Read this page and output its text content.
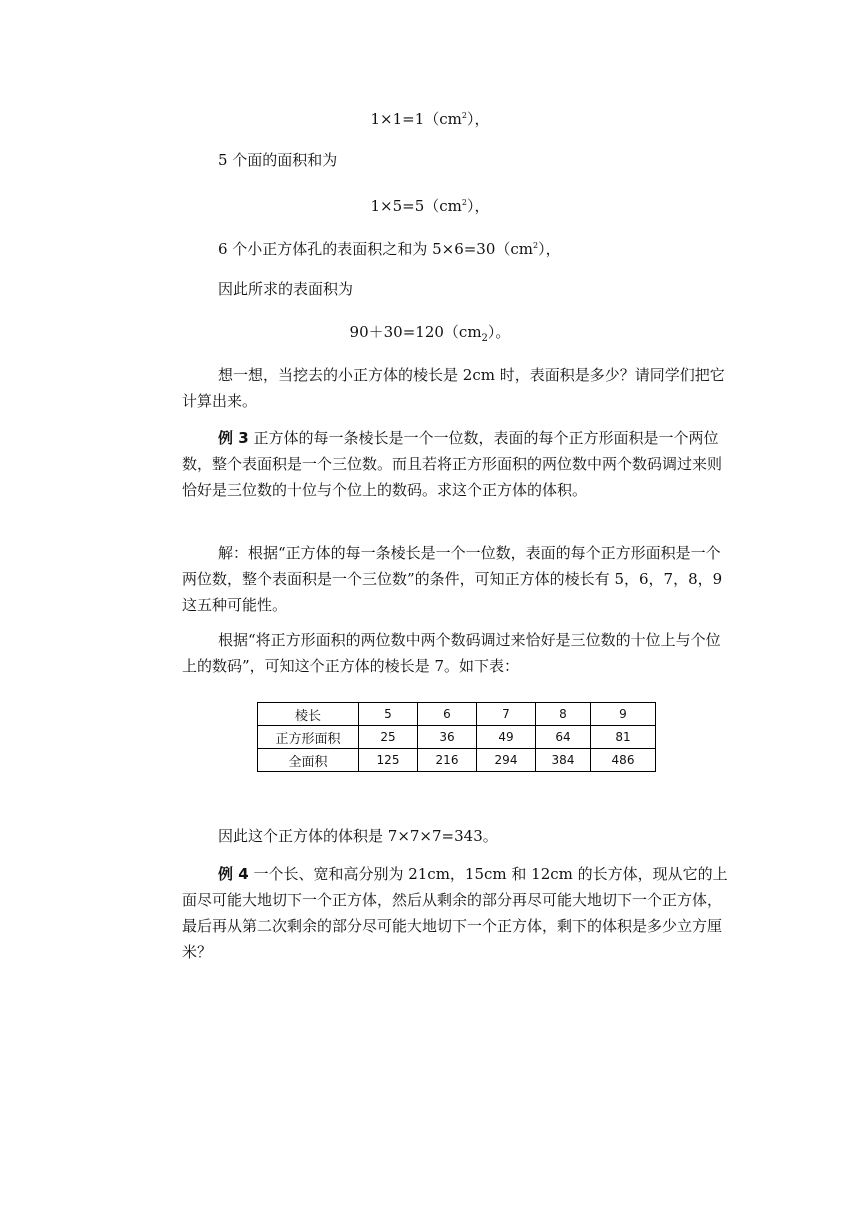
$1\times 1=1(cm^2)$，
5 个面的面积和为
$1\times 5=5(cm^2)$，
6 个小正方体孔的表面积之和为 $5\times 6=30(cm^2)$，
因此所求的表面积为
$90+30=120(cm_2)$。
想一想，当挖去的小正方体的棱长是 2cm 时，表面积是多少？请同学们把它计算出来。
例 3 正方体的每一条棱长是一个一位数，表面的每个正方形面积是一个两位数，整个表面积是一个三位数。而且若将正方形面积的两位数中两个数码调过来则恰好是三位数的十位与个位上的数码。求这个正方体的体积。
解：根据“正方体的每一条棱长是一个一位数，表面的每个正方形面积是一个两位数，整个表面积是一个三位数”的条件，可知正方体的棱长有 5，6，7，8，9 这五种可能性。
根据“将正方形面积的两位数中两个数码调过来恰好是三位数的十位上与个位上的数码”，可知这个正方体的棱长是 7。如下表：
棱长	5	6	7	8	9
正方形面积	25	36	49	64	81
全面积	125	216	294	384	486
因此这个正方体的体积是 7×7×7=343。
例 4 一个长、宽和高分别为 21cm，15cm 和 12cm 的长方体，现从它的上面尽可能大地切下一个正方体，然后从剩余的部分再尽可能大地切下一个正方体，最后再从第二次剩余的部分尽可能大地切下一个正方体，剩下的体积是多少立方厘米？
